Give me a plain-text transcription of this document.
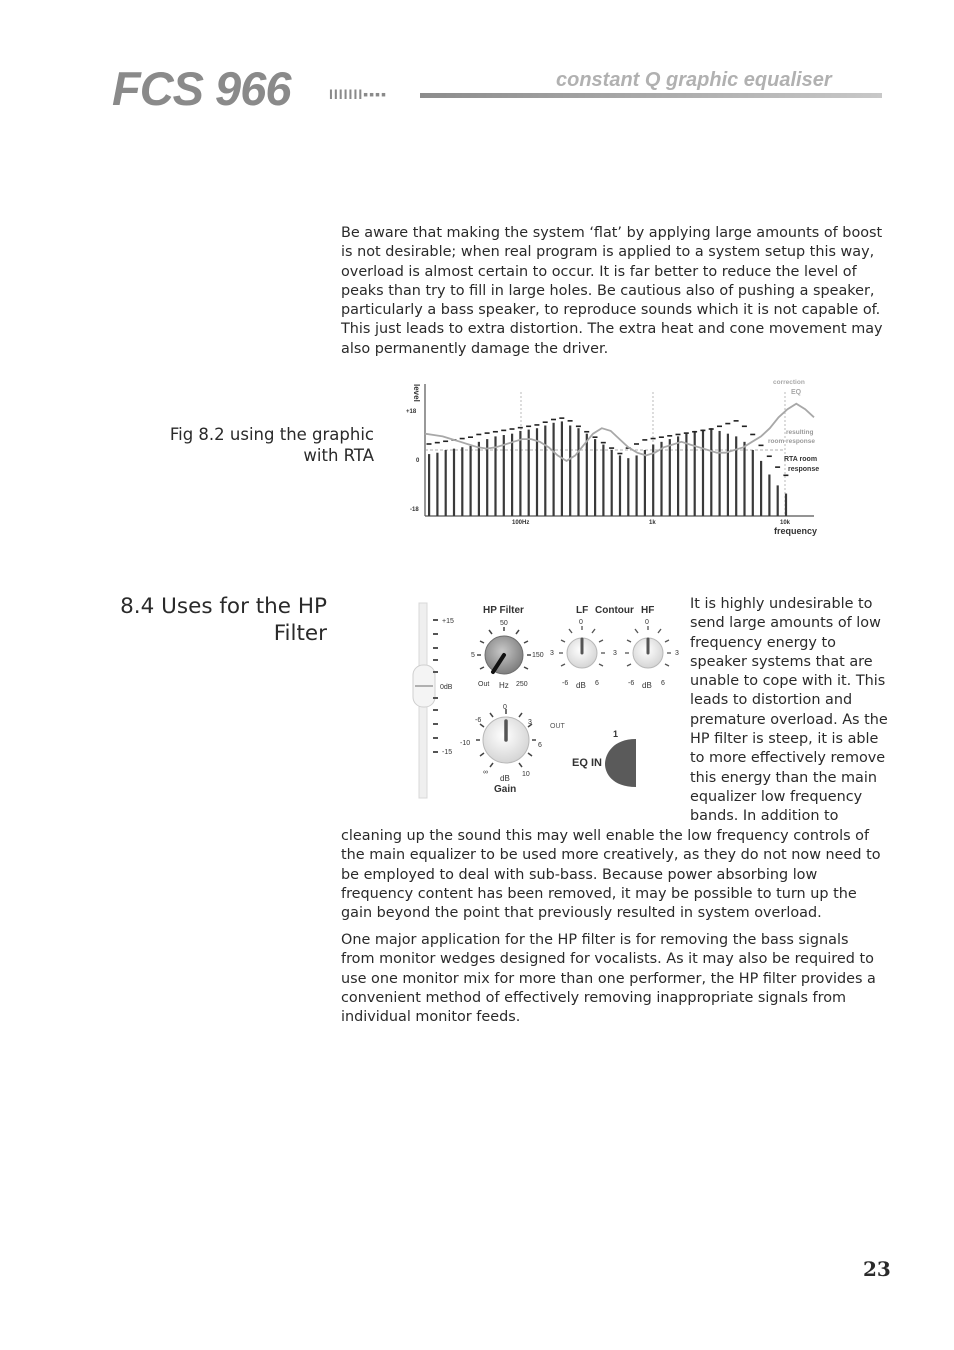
FCS 966	IIIIIII▪▪▪▪
constant Q graphic equaliser

Be aware that making the system ‘flat’ by applying large amounts of boost is not desirable; when real program is applied to a system setup this way, overload is almost certain to occur. It is far better to reduce the level of peaks than try to fill in large holes. Be cautious also of pushing a speaker, particularly a bass speaker, to reproduce sounds which it is not capable of. This just leads to extra distortion. The extra heat and cone movement may also permanently damage the driver.

Fig 8.2 using the graphic
with RTA
level
+18
0
-18
100Hz	1k	10k
frequency
correction
EQ
resulting
room response
RTA room
response
8.4 Uses for the HP
Filter	+15
0dB
-15
HP Filter
50
5	150
Out Hz 250
LF Contour HF
0
3
-6 dB 6
0
3	3
-6 dB 6
0
-6	3
-10	6
∞
dB 10
Gain
OUT
1
EQ IN

It is highly undesirable to send large amounts of low frequency energy to speaker systems that are unable to cope with it. This leads to distortion and premature overload. As the HP filter is steep, it is able to more effectively remove this energy than the main equalizer low frequency bands. In addition to

cleaning up the sound this may well enable the low frequency controls of the main equalizer to be used more creatively, as they do not now need to be employed to deal with sub-bass. Because power absorbing low frequency content has been removed, it may be possible to turn up the gain beyond the point that previously resulted in system overload.

One major application for the HP filter is for removing the bass signals from monitor wedges designed for vocalists. As it may also be required to use one monitor mix for more than one performer, the HP filter provides a convenient method of effectively removing inappropriate signals from individual monitor feeds.

23
